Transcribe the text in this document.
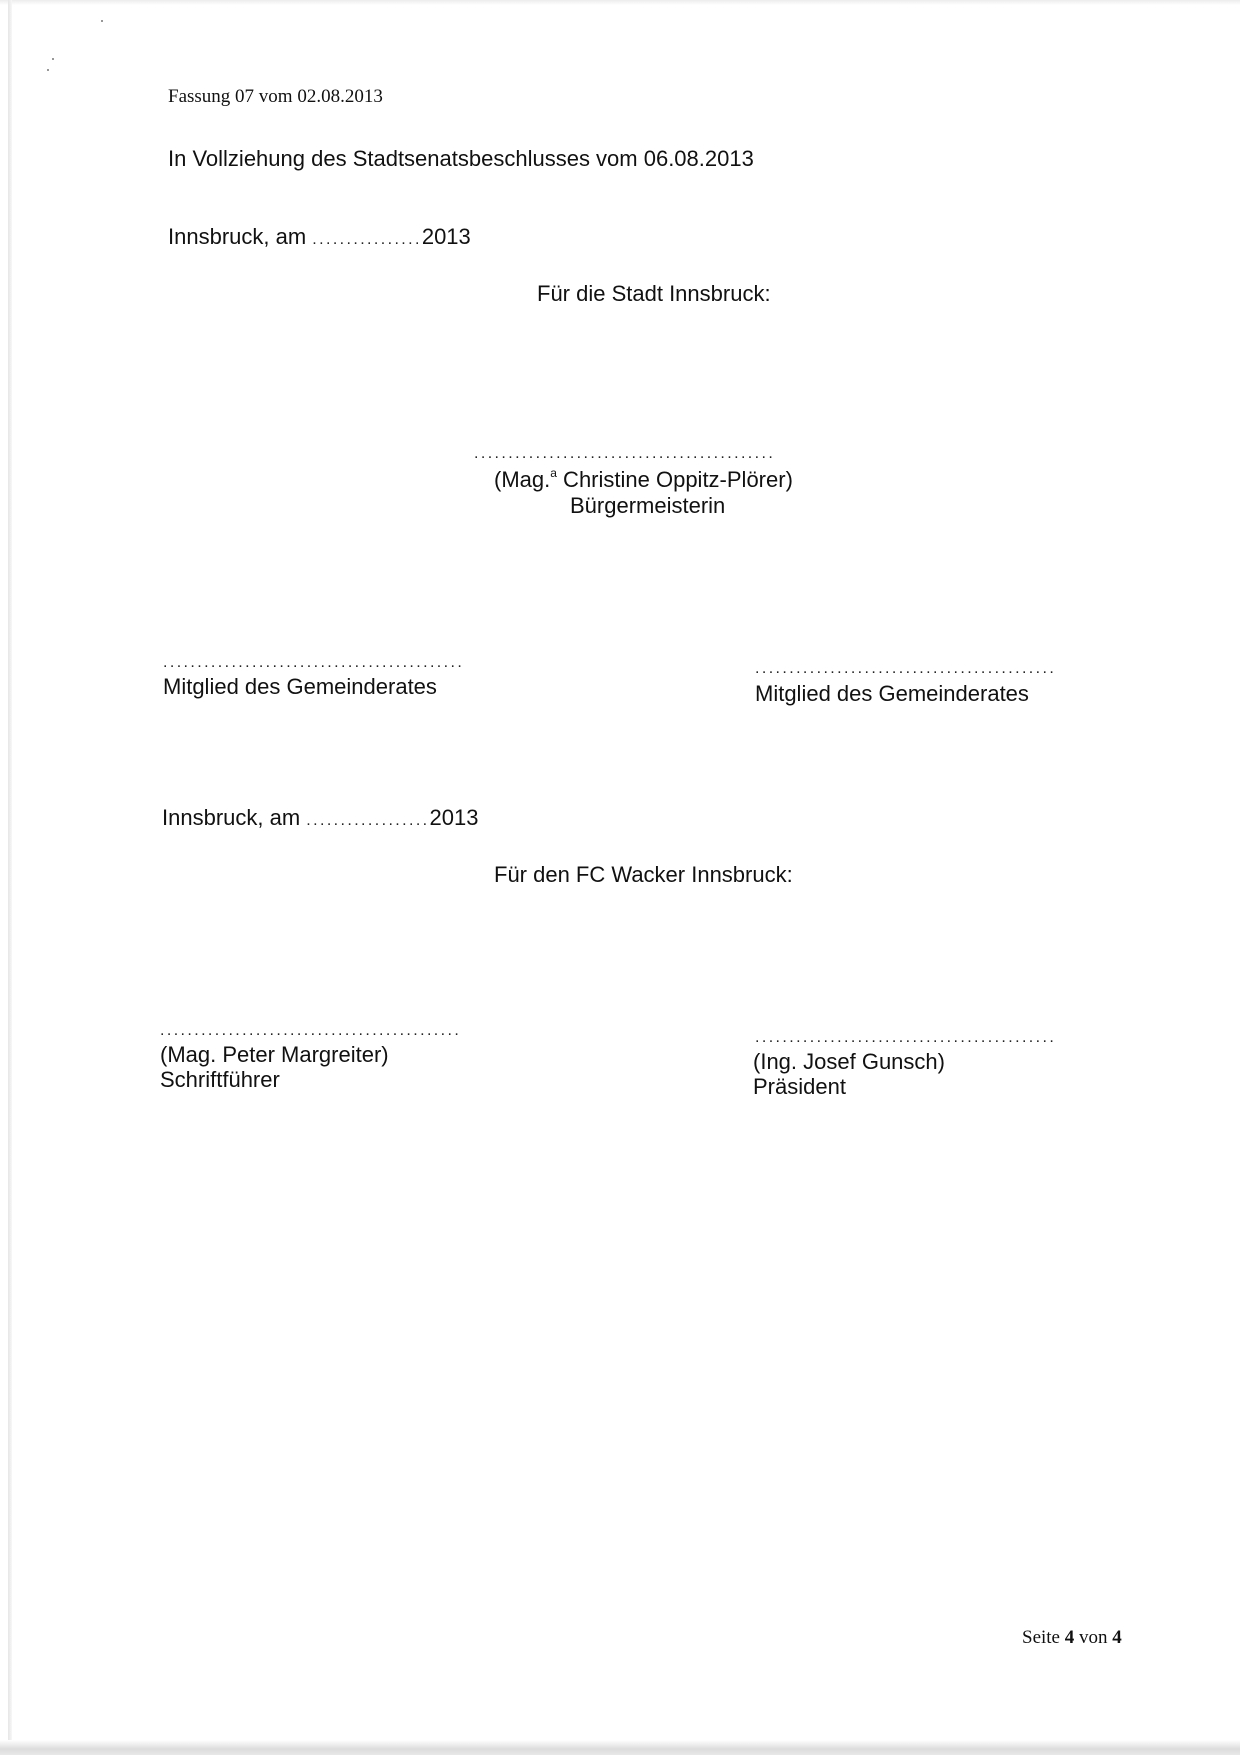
Fassung 07 vom 02.08.2013
In Vollziehung des Stadtsenatsbeschlusses vom 06.08.2013
Innsbruck, am ................2013
Für die Stadt Innsbruck:
............................................
(Mag.$^a$ Christine Oppitz-Plörer)
Bürgermeisterin
............................................
Mitglied des Gemeinderates
............................................
Mitglied des Gemeinderates
Innsbruck, am ..................2013
Für den FC Wacker Innsbruck:
............................................
(Mag. Peter Margreiter)
Schriftführer
............................................
(Ing. Josef Gunsch)
Präsident
Seite 4 von 4
